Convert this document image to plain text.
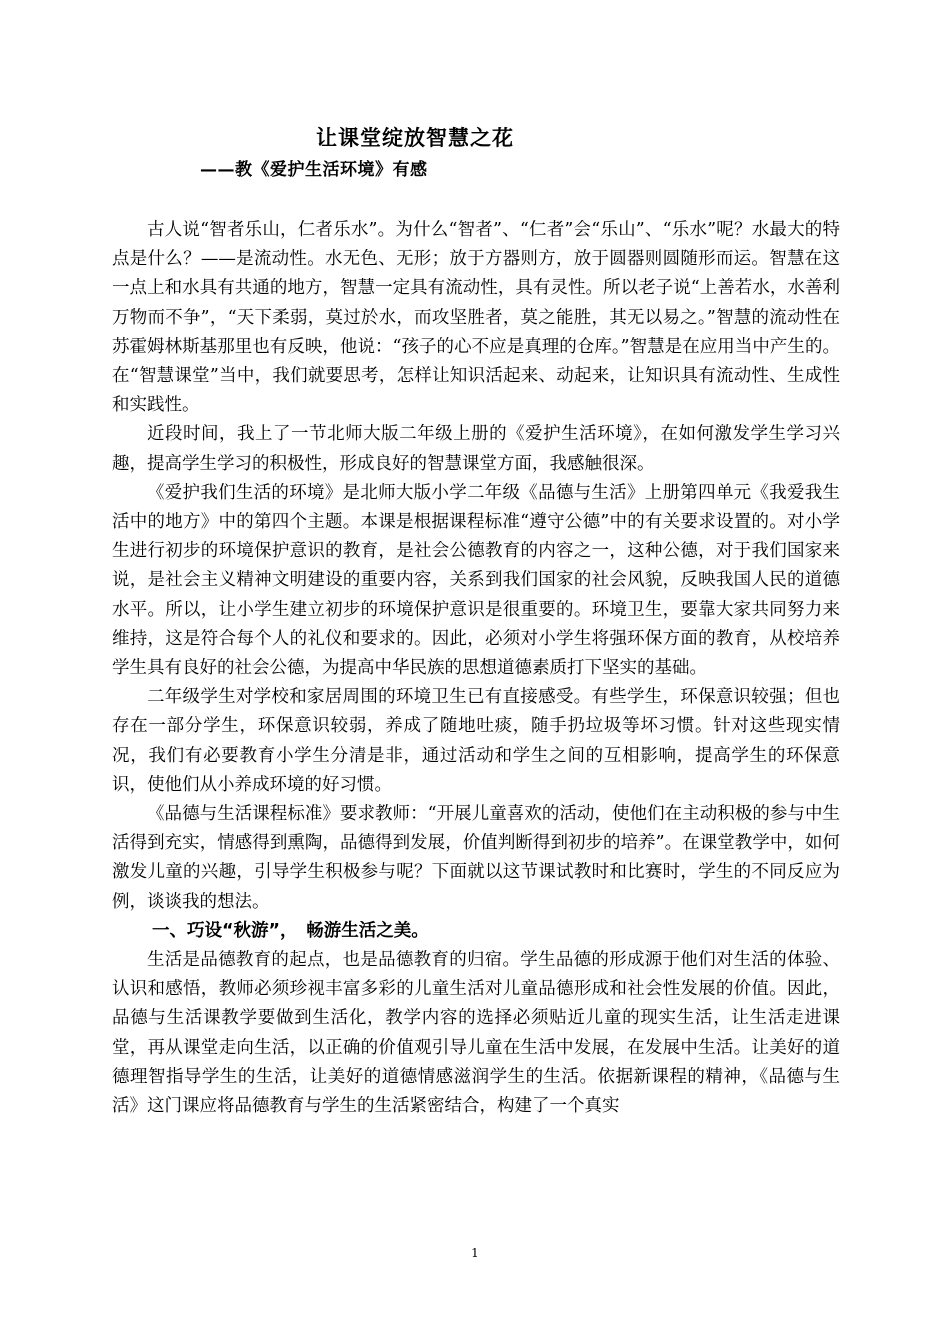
让课堂绽放智慧之花
——教《爱护生活环境》有感

古人说“智者乐山，仁者乐水”。为什么“智者”、“仁者”会“乐山”、“乐水”呢？水最大的特点是什么？——是流动性。水无色、无形；放于方器则方，放于圆器则圆随形而运。智慧在这一点上和水具有共通的地方，智慧一定具有流动性，具有灵性。所以老子说“上善若水，水善利万物而不争”，“天下柔弱，莫过於水，而攻坚胜者，莫之能胜，其无以易之。”智慧的流动性在苏霍姆林斯基那里也有反映，他说：“孩子的心不应是真理的仓库。”智慧是在应用当中产生的。在“智慧课堂”当中，我们就要思考，怎样让知识活起来、动起来，让知识具有流动性、生成性和实践性。

近段时间，我上了一节北师大版二年级上册的《爱护生活环境》，在如何激发学生学习兴趣，提高学生学习的积极性，形成良好的智慧课堂方面，我感触很深。

《爱护我们生活的环境》是北师大版小学二年级《品德与生活》上册第四单元《我爱我生活中的地方》中的第四个主题。本课是根据课程标准“遵守公德”中的有关要求设置的。对小学生进行初步的环境保护意识的教育，是社会公德教育的内容之一，这种公德，对于我们国家来说，是社会主义精神文明建设的重要内容，关系到我们国家的社会风貌，反映我国人民的道德水平。所以，让小学生建立初步的环境保护意识是很重要的。环境卫生，要靠大家共同努力来维持，这是符合每个人的礼仪和要求的。因此，必须对小学生将强环保方面的教育，从校培养学生具有良好的社会公德，为提高中华民族的思想道德素质打下坚实的基础。

二年级学生对学校和家居周围的环境卫生已有直接感受。有些学生，环保意识较强；但也存在一部分学生，环保意识较弱，养成了随地吐痰，随手扔垃圾等坏习惯。针对这些现实情况，我们有必要教育小学生分清是非，通过活动和学生之间的互相影响，提高学生的环保意识，使他们从小养成环境的好习惯。

《品德与生活课程标准》要求教师：“开展儿童喜欢的活动，使他们在主动积极的参与中生活得到充实，情感得到熏陶，品德得到发展，价值判断得到初步的培养”。在课堂教学中，如何激发儿童的兴趣，引导学生积极参与呢？下面就以这节课试教时和比赛时，学生的不同反应为例，谈谈我的想法。

一、巧设“秋游”，　畅游生活之美。

生活是品德教育的起点，也是品德教育的归宿。学生品德的形成源于他们对生活的体验、认识和感悟，教师必须珍视丰富多彩的儿童生活对儿童品德形成和社会性发展的价值。因此，品德与生活课教学要做到生活化，教学内容的选择必须贴近儿童的现实生活，让生活走进课堂，再从课堂走向生活，以正确的价值观引导儿童在生活中发展，在发展中生活。让美好的道德理智指导学生的生活，让美好的道德情感滋润学生的生活。依据新课程的精神，《品德与生活》这门课应将品德教育与学生的生活紧密结合，构建了一个真实

1
